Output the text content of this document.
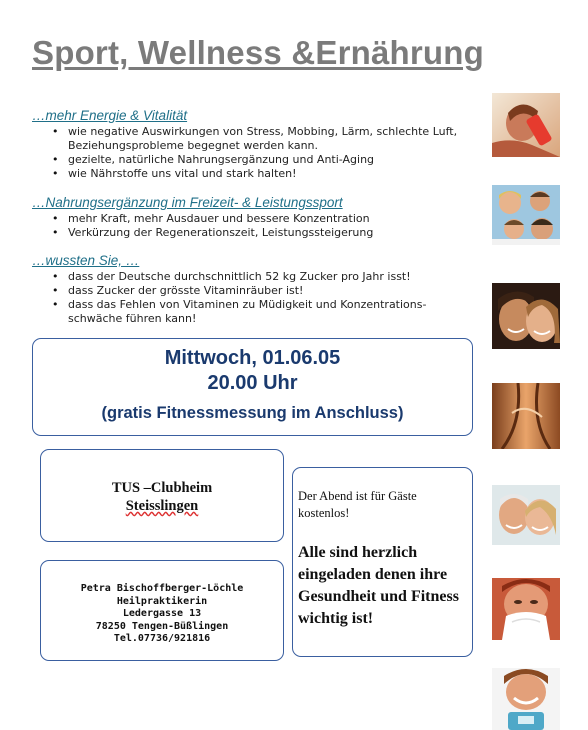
Sport, Wellness &Ernährung
…mehr Energie & Vitalität
• wie negative Auswirkungen von Stress, Mobbing, Lärm, schlechte Luft, Beziehungsprobleme begegnet werden kann.
• gezielte, natürliche Nahrungsergänzung und Anti-Aging
• wie Nährstoffe uns vital und stark halten!
…Nahrungsergänzung im Freizeit- & Leistungssport
• mehr Kraft, mehr Ausdauer und bessere Konzentration
• Verkürzung der Regenerationszeit, Leistungssteigerung
…wussten Sie, …
• dass der Deutsche durchschnittlich 52 kg Zucker pro Jahr isst!
• dass Zucker der grösste Vitaminräuber ist!
• dass das Fehlen von Vitaminen zu Müdigkeit und Konzentrations-schwäche führen kann!
Mittwoch, 01.06.05
20.00 Uhr
(gratis Fitnessmessung im Anschluss)
TUS –Clubheim
Steisslingen
Petra Bischoffberger-Löchle
Heilpraktikerin
Ledergasse 13
78250 Tengen-Büßlingen
Tel.07736/921816
Der Abend ist für Gäste kostenlos!
Alle sind herzlich eingeladen denen ihre Gesundheit und Fitness wichtig ist!
